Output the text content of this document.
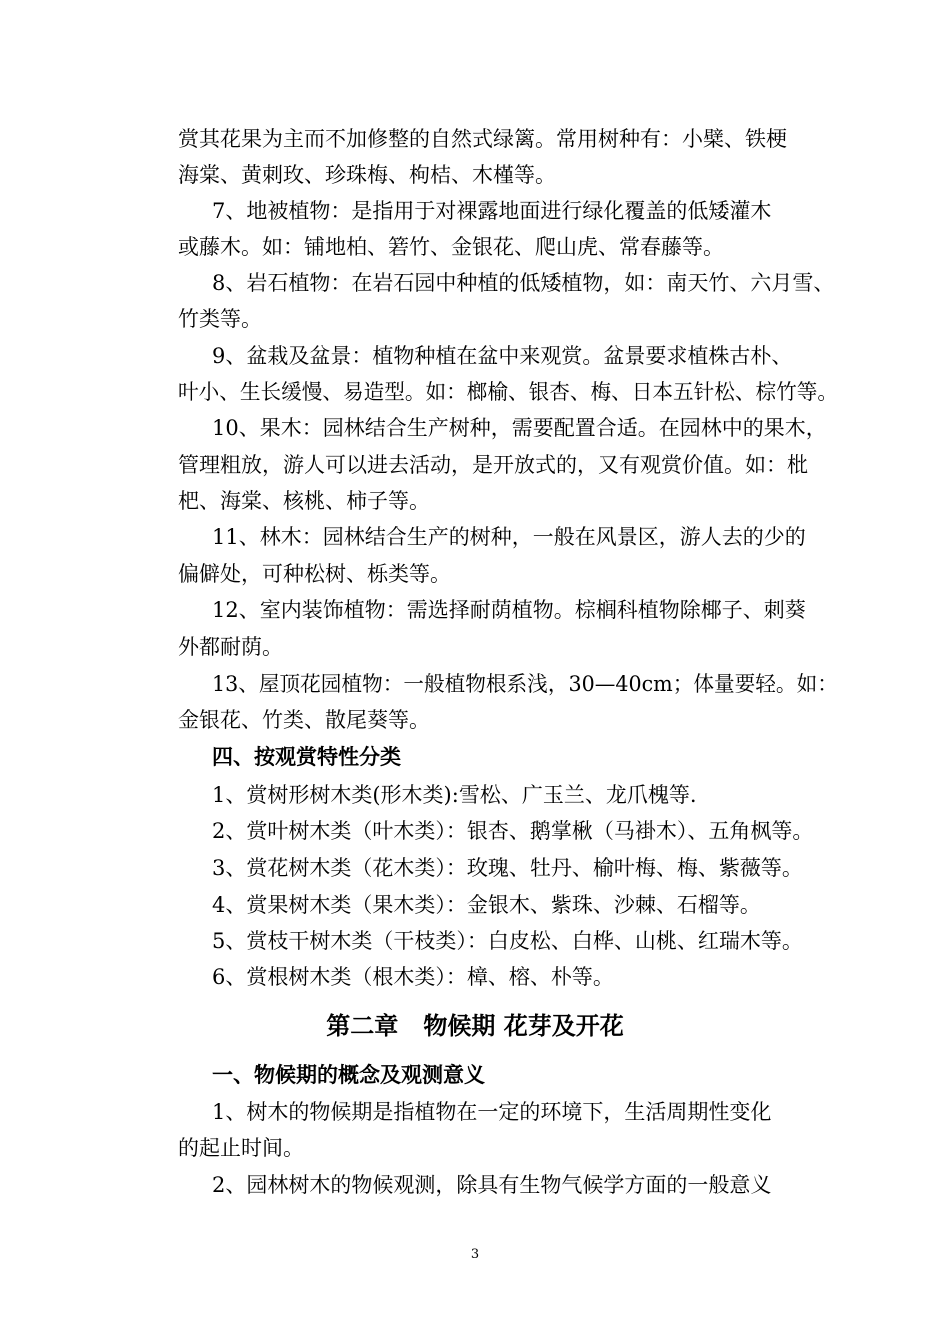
赏其花果为主而不加修整的自然式绿篱。常用树种有：小檗、铁梗
海棠、黄刺玫、珍珠梅、枸桔、木槿等。
7、地被植物：是指用于对裸露地面进行绿化覆盖的低矮灌木
或藤木。如：铺地柏、箬竹、金银花、爬山虎、常春藤等。
8、岩石植物：在岩石园中种植的低矮植物，如：南天竹、六月雪、
竹类等。
9、盆栽及盆景：植物种植在盆中来观赏。盆景要求植株古朴、
叶小、生长缓慢、易造型。如：榔榆、银杏、梅、日本五针松、棕竹等。
10、果木：园林结合生产树种，需要配置合适。在园林中的果木，
管理粗放，游人可以进去活动，是开放式的，又有观赏价值。如：枇
杷、海棠、核桃、柿子等。
11、林木：园林结合生产的树种，一般在风景区，游人去的少的
偏僻处，可种松树、栎类等。
12、室内装饰植物：需选择耐荫植物。棕榈科植物除椰子、刺葵
外都耐荫。
13、屋顶花园植物：一般植物根系浅，30—40cm；体量要轻。如：
金银花、竹类、散尾葵等。
四、按观赏特性分类
1、赏树形树木类(形木类):雪松、广玉兰、龙爪槐等.
2、赏叶树木类（叶木类）：银杏、鹅掌楸（马褂木）、五角枫等。
3、赏花树木类（花木类）：玫瑰、牡丹、榆叶梅、梅、紫薇等。
4、赏果树木类（果木类）：金银木、紫珠、沙棘、石榴等。
5、赏枝干树木类（干枝类）：白皮松、白桦、山桃、红瑞木等。
6、赏根树木类（根木类）：樟、榕、朴等。
第二章   物候期 花芽及开花
一、物候期的概念及观测意义
1、树木的物候期是指植物在一定的环境下，生活周期性变化
的起止时间。
2、园林树木的物候观测，除具有生物气候学方面的一般意义
3
